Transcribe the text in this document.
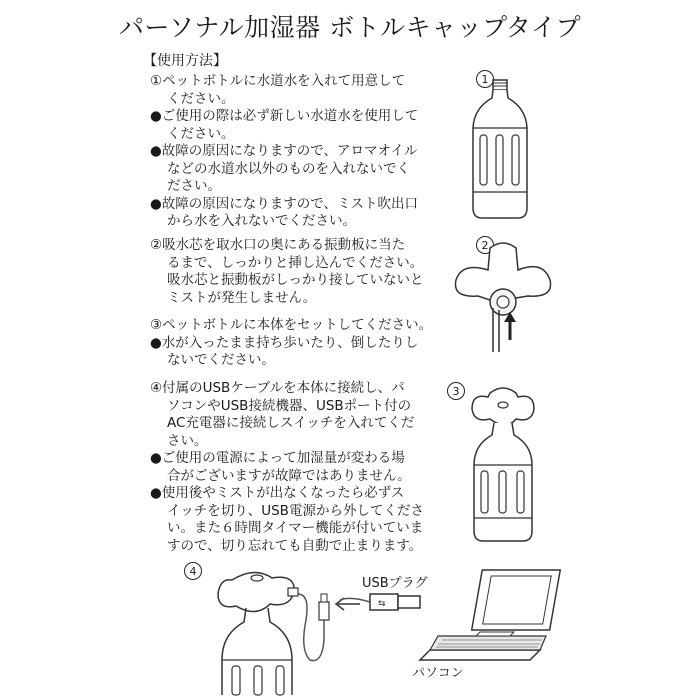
パーソナル加湿器 ボトルキャップタイプ
【使用方法】
①ペットボトルに水道水を入れて用意して
ください。
●ご使用の際は必ず新しい水道水を使用して
ください。
●故障の原因になりますので、アロマオイル
などの水道水以外のものを入れないでく
ださい。
●故障の原因になりますので、ミスト吹出口
から水を入れないでください。
②吸水芯を取水口の奥にある振動板に当た
るまで、しっかりと挿し込んでください。
吸水芯と振動板がしっかり接していないと
ミストが発生しません。
③ペットボトルに本体をセットしてください。
●水が入ったまま持ち歩いたり、倒したりし
ないでください。
④付属のUSBケーブルを本体に接続し、パ
ソコンやUSB接続機器、USBポート付の
AC充電器に接続しスイッチを入れてくだ
さい。
●ご使用の電源によって加湿量が変わる場
合がございますが故障ではありません。
●使用後やミストが出なくなったら必ずス
イッチを切り、USB電源から外してくださ
い。また６時間タイマー機能が付いていま
すので、切り忘れても自動で止まります。
1
2
3
4
⇆
USBプラグ
パソコン
